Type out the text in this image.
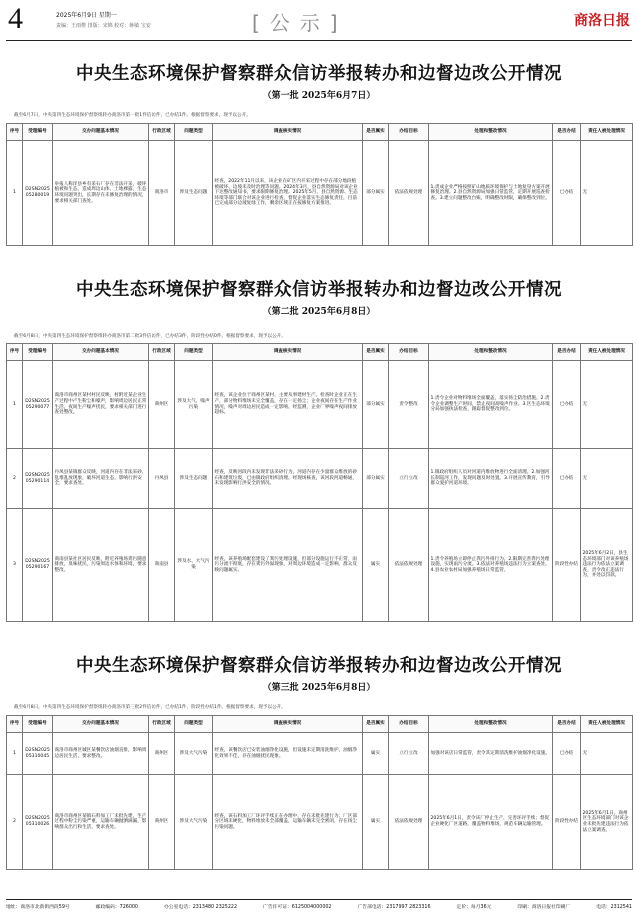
4	2025年6月9日 星期一
责编：王雨橙 排版：宋锦 校对：蒋敏 宝安	[公示]	商洛日报
中央生态环境保护督察群众信访举报转办和边督边改公开情况
（第一批 2025年6月7日）
截至6月7日，中央第四生态环境保护督察组转办商洛市第一批1件信访件，已办结1件。根据督察要求，现予以公开。
序号	受理编号	交办问题基本情况	行政区域	问题类型	调查核实情况	是否属实	办结目标	处理和整改情况	是否办结	责任人被处理情况
1	D2SN202505280019	举报人称洋县乡有采石厂存在非法开采，破坏植被和生态，造成周边山体、土地裸露，生态环境问题突出，长期存在未修复治理的情况，要求相关部门查处。	商洛市	涉及生态问题	经查，2022年11月以来，该企业在矿区内开采过程中存在部分地段植被破坏、边坡未及时治理等问题。2024年3月，县自然资源局对该企业下达整改通知书，要求限期修复治理。2025年5月，县自然资源、生态环境等部门联合对该企业进行检查，督促企业落实生态修复责任，目前已完成部分边坡复绿工作，剩余区域正在按修复方案推进。	部分属实	依法依规处理	1.责成企业严格按照矿山地质环境保护与土地复垦方案开展修复治理。2.县自然资源局加强日常监管，定期开展巡查检查。3.建立问题整改台账，明确整改时限，确保整改到位。	已办结	无
中央生态环境保护督察群众信访举报转办和边督边改公开情况
（第二批 2025年6月8日）
截至6月8日，中央第四生态环境保护督察组转办商洛市第二批3件信访件，已办结3件，阶段性办结0件。根据督察要求，现予以公开。
序号	受理编号	交办问题基本情况	行政区域	问题类型	调查核实情况	是否属实	办结目标	处理和整改情况	是否办结	责任人被处理情况
1	D2SN202505290077	商洛市商州区某村村民反映，村附近某企业生产过程中产生粉尘和噪声，影响周边居民正常生活，夜间生产噪声扰民，要求相关部门进行查处整改。	商州区	涉及大气、噪声污染	经查，该企业位于商州区某村，主要从事建材生产。检查时企业正在生产，部分物料堆场未完全覆盖，存在一定扬尘；企业夜间存在生产作业情况，噪声对周边居民造成一定影响。经监测，企业厂界噪声夜间排放超标。	部分属实	责令整改	1.责令企业对物料堆场全面覆盖，落实扬尘防治措施。2.责令企业调整生产时间，禁止夜间高噪声作业。3.区生态环境分局加强执法检查，跟踪督促整改到位。	已办结	无
2	D2SN202505290114	丹凤县某镇群众反映，河道内存在非法采砂、乱堆乱放现象，破坏河道生态，影响行洪安全，要求查处。	丹凤县	涉及生态问题	经查，反映河段内未发现非法采砂行为，河道内存在少量群众堆放的砂石和建筑垃圾，已由镇政府组织清理。经现场核查，该河段河道畅通，未发现影响行洪安全的情况。	部分属实	立行立改	1.镇政府组织人员对河道内堆放物进行全面清理。2.加强河长制巡河工作，发现问题及时处置。3.开展宣传教育，引导群众爱护河道环境。	已办结	无
3	D2SN202505290167	商南县某社区居民反映，附近养殖场粪污随意排放，臭味扰民，污染周边水体和环境，要求整改。	商南县	涉及水、大气污染	经查，该养殖场配套建设了粪污处理设施，但部分设施运行不正常，雨污分流不彻底，存在粪污外溢现象，对周边环境造成一定影响，群众反映问题属实。	属实	依法依规处理	1.责令养殖场立即停止粪污外排行为。2.限期完善粪污处理设施，实现雨污分流。3.依法对养殖场违法行为立案查处。4.县农业农村局加强养殖场日常监管。	阶段性办结	2025年6月2日，县生态环境部门对该养殖场违法行为依法立案调查，责令改正违法行为，并处以罚款。
中央生态环境保护督察群众信访举报转办和边督边改公开情况
（第三批 2025年6月8日）
截至6月8日，中央第四生态环境保护督察组转办商洛市第三批2件信访件，已办结1件，阶段性办结1件。根据督察要求，现予以公开。
序号	受理编号	交办问题基本情况	行政区域	问题类型	调查核实情况	是否属实	办结目标	处理和整改情况	是否办结	责任人被处理情况
1	D2SN202505310045	商洛市商州区城区某餐饮店油烟直排，影响周边居民生活，要求整改。	商州区	涉及大气污染	经查，该餐饮店已安装油烟净化设施，但设施未定期清洗维护，油烟净化效果不佳，存在油烟扰民现象。	属实	立行立改	加强对该店日常监管，责令其定期清洗维护油烟净化设施。	已办结	无
2	D2SN202505310026	商洛市商州区某镇石料加工厂未批先建，生产过程中粉尘污染严重，运输车辆抛洒滴漏，影响群众出行和生活，要求查处。	商州区	涉及大气污染	经查，该石料加工厂环评手续正在办理中，存在未批先建行为；厂区部分区域未硬化，物料堆放未全部覆盖，运输车辆未完全密闭，存在扬尘污染问题。	属实	依法依规处理	2025年6月1日，责令该厂停止生产，完善环评手续；督促企业硬化厂区道路，覆盖物料堆场，规范车辆运输管理。	阶段性办结	2025年6月1日，商州区生态环境部门对该企业未批先建违法行为依法立案调查。
地址：商洛市北新街西段59号	邮政编码：726000	办公室电话：2313480 2325222	广告许可证：6125004000002	广告部电话：2317997 2823316	定价：每月36元	印刷：商洛日报社印刷厂	电话：2312541
